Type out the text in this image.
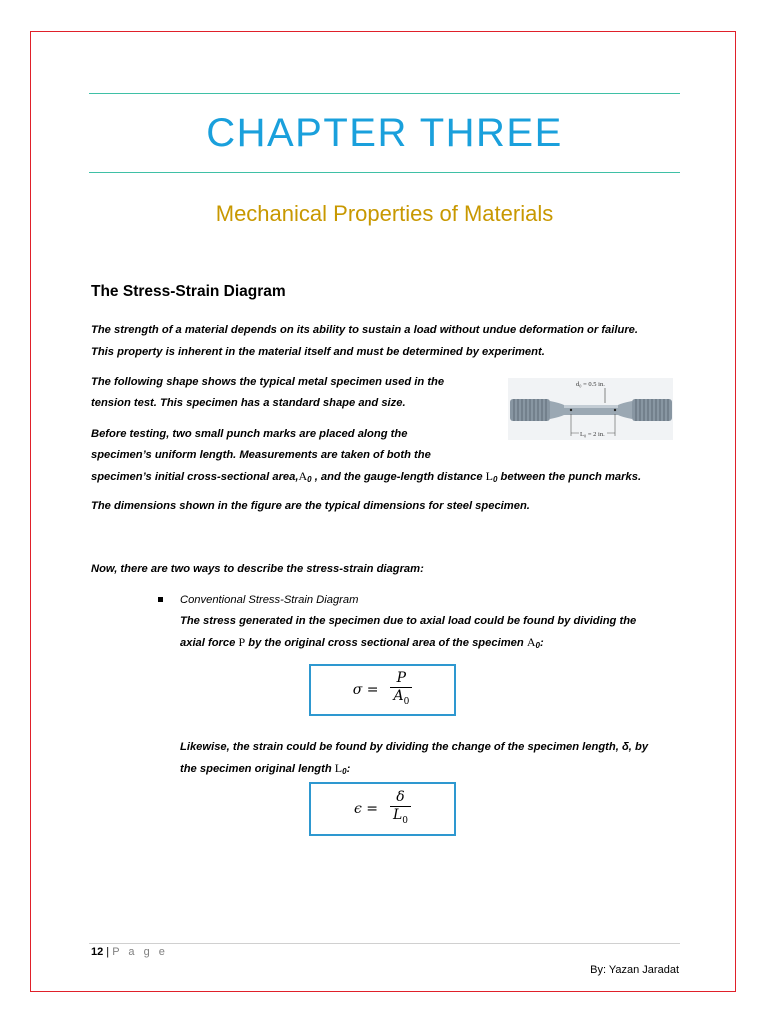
CHAPTER THREE
Mechanical Properties of Materials
The Stress-Strain Diagram
The strength of a material depends on its ability to sustain a load without undue deformation or failure.
This property is inherent in the material itself and must be determined by experiment.
The following shape shows the typical metal specimen used in the
tension test. This specimen has a standard shape and size.
Before testing, two small punch marks are placed along the
specimen’s uniform length. Measurements are taken of both the
specimen’s initial cross-sectional area,A0 , and the gauge-length distance L0 between the punch marks.
The dimensions shown in the figure are the typical dimensions for steel specimen.
Now, there are two ways to describe the stress-strain diagram:
d₀ = 0.5 in.
L₀ = 2 in.
Conventional Stress-Strain Diagram
The stress generated in the specimen due to axial load could be found by dividing the
axial force P by the original cross sectional area of the specimen A0:
$\sigma = \frac{P}{A_0}$
Likewise, the strain could be found by dividing the change of the specimen length, δ, by
the specimen original length L0:
$\epsilon = \frac{\delta}{L_0}$
12 | P a g e
By: Yazan Jaradat
